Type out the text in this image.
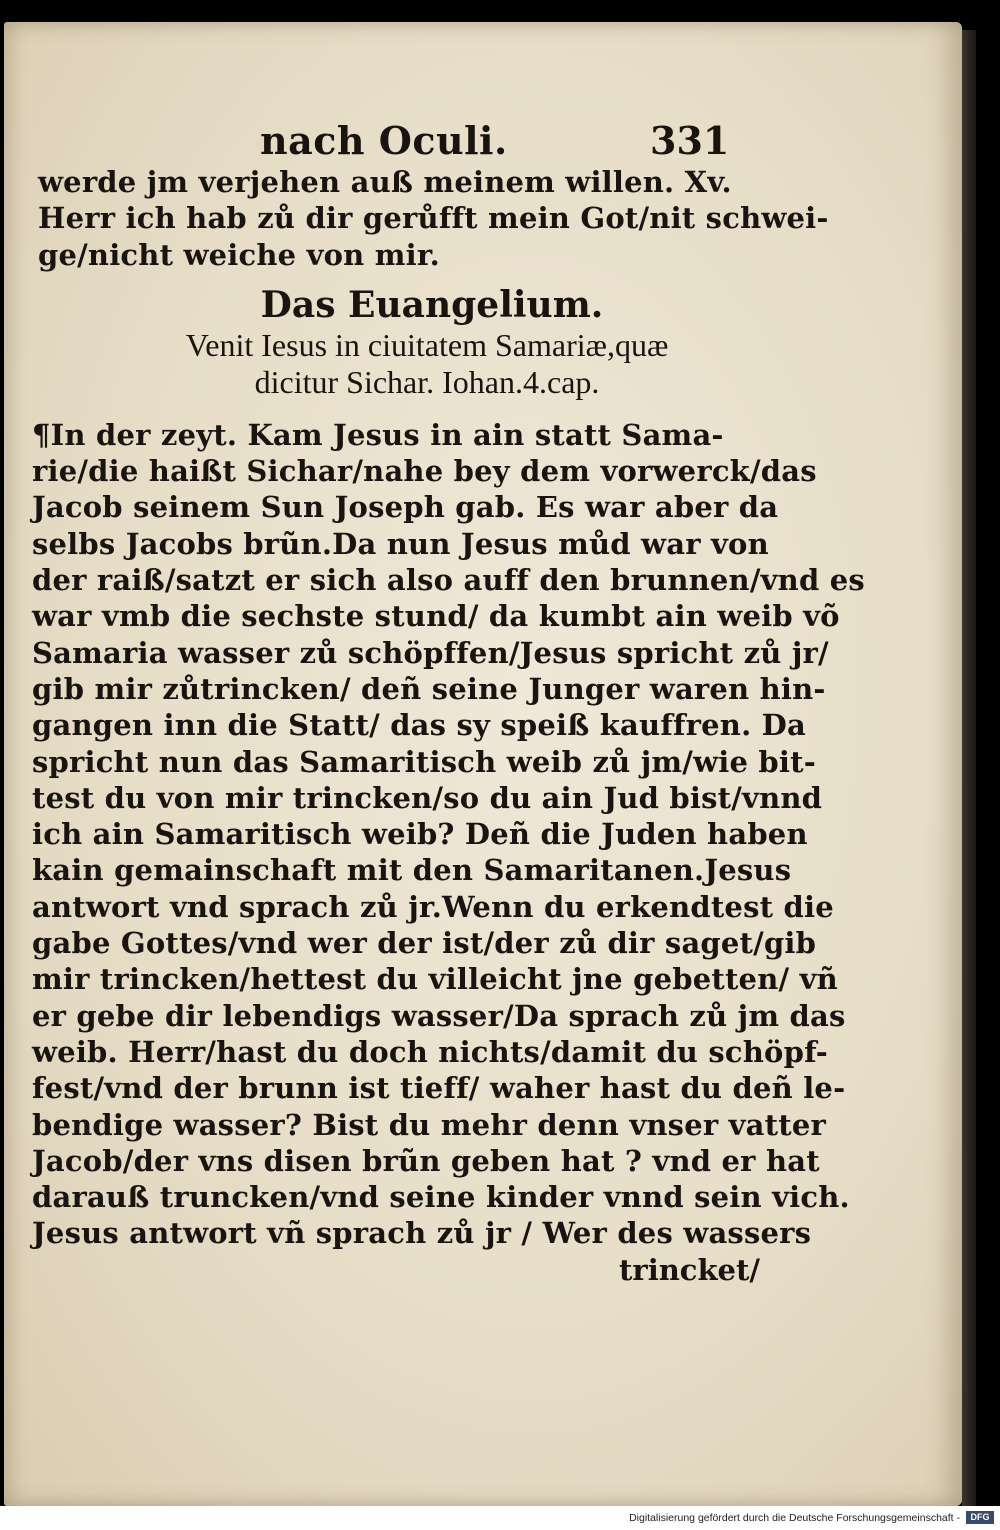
nach Oculi.	331
werde jm verjehen auß meinem willen. Xv.
Herr ich hab zů dir gerůfft mein Got/nit schwei-
ge/nicht weiche von mir.
Das Euangelium.
Venit Iesus in ciuitatem Samariæ,quæ
dicitur Sichar. Iohan.4.cap.
¶In der zeyt. Kam Jesus in ain statt Sama-
rie/die haißt Sichar/nahe bey dem vorwerck/das
Jacob seinem Sun Joseph gab. Es war aber da
selbs Jacobs brũn.Da nun Jesus můd war von
der raiß/satzt er sich also auff den brunnen/vnd es
war vmb die sechste stund/ da kumbt ain weib võ
Samaria wasser zů schöpffen/Jesus spricht zů jr/
gib mir zůtrincken/ deñ seine Junger waren hin-
gangen inn die Statt/ das sy speiß kauffren. Da
spricht nun das Samaritisch weib zů jm/wie bit-
test du von mir trincken/so du ain Jud bist/vnnd
ich ain Samaritisch weib? Deñ die Juden haben
kain gemainschaft mit den Samaritanen.Jesus
antwort vnd sprach zů jr.Wenn du erkendtest die
gabe Gottes/vnd wer der ist/der zů dir saget/gib
mir trincken/hettest du villeicht jne gebetten/ vñ
er gebe dir lebendigs wasser/Da sprach zů jm das
weib. Herr/hast du doch nichts/damit du schöpf-
fest/vnd der brunn ist tieff/ waher hast du deñ le-
bendige wasser? Bist du mehr denn vnser vatter
Jacob/der vns disen brũn geben hat ? vnd er hat
darauß truncken/vnd seine kinder vnnd sein vich.
Jesus antwort vñ sprach zů jr / Wer des wassers
trincket/
Digitalisierung gefördert durch die Deutsche Forschungsgemeinschaft -	DFG
